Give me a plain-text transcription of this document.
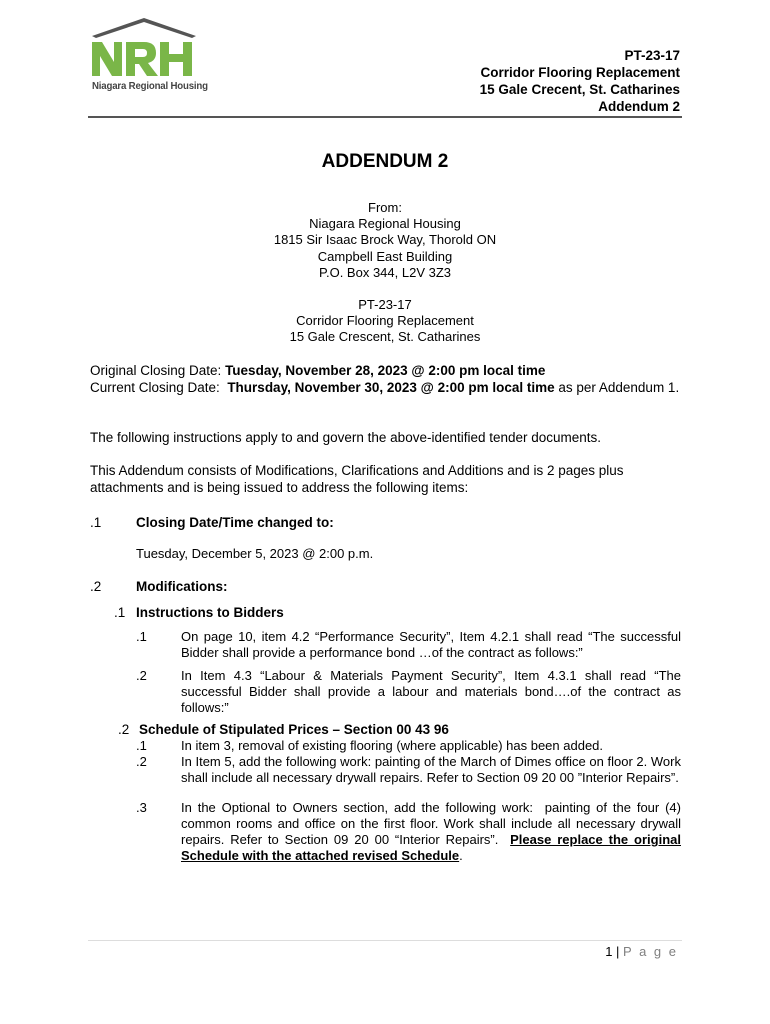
Niagara Regional Housing
PT-23-17
Corridor Flooring Replacement
15 Gale Crecent, St. Catharines
Addendum 2
ADDENDUM 2
From:
Niagara Regional Housing
1815 Sir Isaac Brock Way, Thorold ON
Campbell East Building
P.O. Box 344, L2V 3Z3
PT-23-17
Corridor Flooring Replacement
15 Gale Crescent, St. Catharines
Original Closing Date: Tuesday, November 28, 2023 @ 2:00 pm local time
Current Closing Date:  Thursday, November 30, 2023 @ 2:00 pm local time as per Addendum 1.
The following instructions apply to and govern the above-identified tender documents.
This Addendum consists of Modifications, Clarifications and Additions and is 2 pages plus attachments and is being issued to address the following items:
.1	Closing Date/Time changed to:
Tuesday, December 5, 2023 @ 2:00 p.m.
.2	Modifications:
.1 Instructions to Bidders
.1	On page 10, item 4.2 “Performance Security”, Item 4.2.1 shall read “The successful Bidder shall provide a performance bond …of the contract as follows:”
.2	In Item 4.3 “Labour & Materials Payment Security”, Item 4.3.1 shall read “The successful Bidder shall provide a labour and materials bond….of the contract as follows:”
.2 Schedule of Stipulated Prices – Section 00 43 96
.1	In item 3, removal of existing flooring (where applicable) has been added.
.2	In Item 5, add the following work: painting of the March of Dimes office on floor 2. Work shall include all necessary drywall repairs. Refer to Section 09 20 00 ”Interior Repairs”.
.3	In the Optional to Owners section, add the following work:  painting of the four (4) common rooms and office on the first floor. Work shall include all necessary drywall repairs. Refer to Section 09 20 00 “Interior Repairs”.  Please replace the original Schedule with the attached revised Schedule.
1 | P a g e
